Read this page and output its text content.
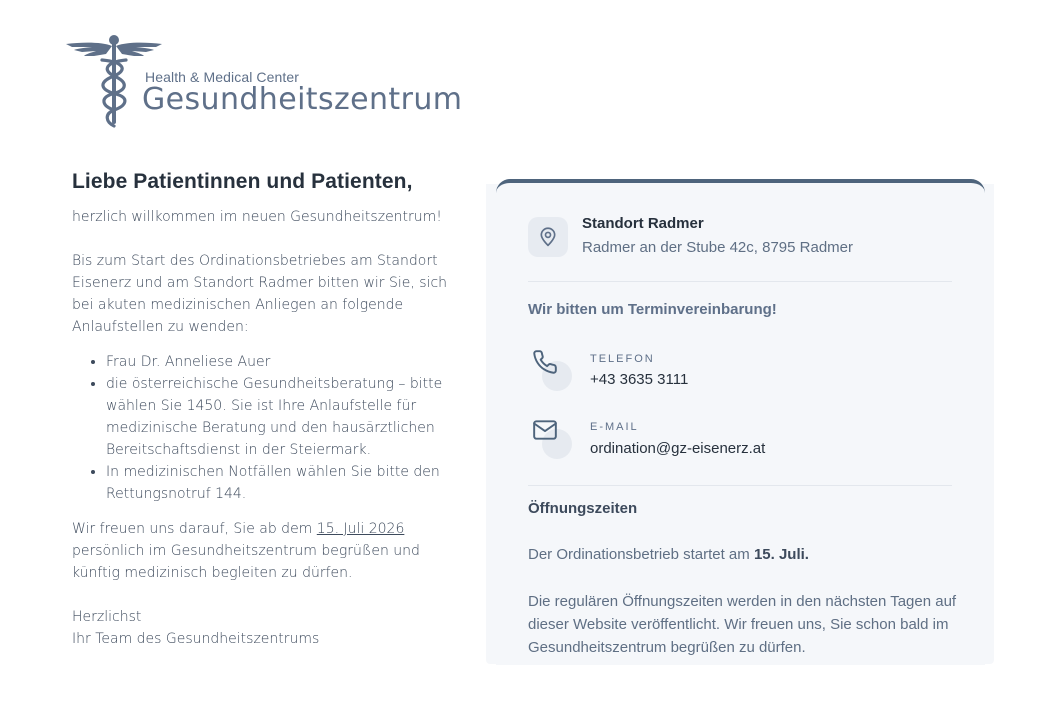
Health & Medical Center
Gesundheitszentrum
Liebe Patientinnen und Patienten,

herzlich willkommen im neuen Gesundheitszentrum!

Bis zum Start des Ordinationsbetriebes am Standort Eisenerz und am Standort Radmer bitten wir Sie, sich bei akuten medizinischen Anliegen an folgende Anlaufstellen zu wenden:

• Frau Dr. Anneliese Auer
• die österreichische Gesundheitsberatung – bitte wählen Sie 1450. Sie ist Ihre Anlaufstelle für medizinische Beratung und den hausärztlichen Bereitschaftsdienst in der Steiermark.
• In medizinischen Notfällen wählen Sie bitte den Rettungsnotruf 144.

Wir freuen uns darauf, Sie ab dem 15. Juli 2026 persönlich im Gesundheitszentrum begrüßen und künftig medizinisch begleiten zu dürfen.

Herzlichst
Ihr Team des Gesundheitszentrums

Standort Radmer
Radmer an der Stube 42c, 8795 Radmer
Wir bitten um Terminvereinbarung!
TELEFON
+43 3635 3111
E-MAIL
ordination@gz-eisenerz.at
Öffnungszeiten
Der Ordinationsbetrieb startet am 15. Juli.
Die regulären Öffnungszeiten werden in den nächsten Tagen auf dieser Website veröffentlicht. Wir freuen uns, Sie schon bald im Gesundheitszentrum begrüßen zu dürfen.
